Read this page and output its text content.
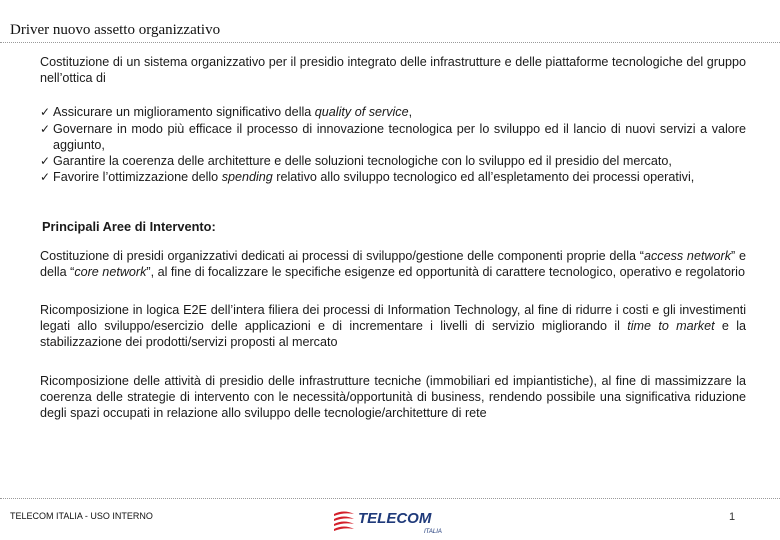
Driver nuovo assetto organizzativo
Costituzione di un sistema organizzativo per il presidio integrato delle infrastrutture e delle piattaforme tecnologiche del gruppo nell’ottica di
✓ Assicurare un miglioramento significativo della quality of service,
✓ Governare in modo più efficace il processo di innovazione tecnologica per lo sviluppo ed il lancio di nuovi servizi a valore aggiunto,
✓ Garantire la coerenza delle architetture e delle soluzioni tecnologiche con lo sviluppo ed il presidio del mercato,
✓ Favorire l’ottimizzazione dello spending relativo allo sviluppo tecnologico ed all’espletamento dei processi operativi,
Principali Aree di Intervento:

Costituzione di presidi organizzativi dedicati ai processi di sviluppo/gestione delle componenti proprie della “access network” e della “core network”, al fine di focalizzare le specifiche esigenze ed opportunità di carattere tecnologico, operativo e regolatorio

Ricomposizione in logica E2E dell’intera filiera dei processi di Information Technology, al fine di ridurre i costi e gli investimenti legati allo sviluppo/esercizio delle applicazioni e di incrementare i livelli di servizio migliorando il time to market e la stabilizzazione dei prodotti/servizi proposti al mercato

Ricomposizione delle attività di presidio delle infrastrutture tecniche (immobiliari ed impiantistiche), al fine di massimizzare la coerenza delle strategie di intervento con le necessità/opportunità di business, rendendo possibile una significativa riduzione degli spazi occupati in relazione allo sviluppo delle tecnologie/architetture di rete

TELECOM ITALIA - USO INTERNO	TELECOM
ITALIA
1
